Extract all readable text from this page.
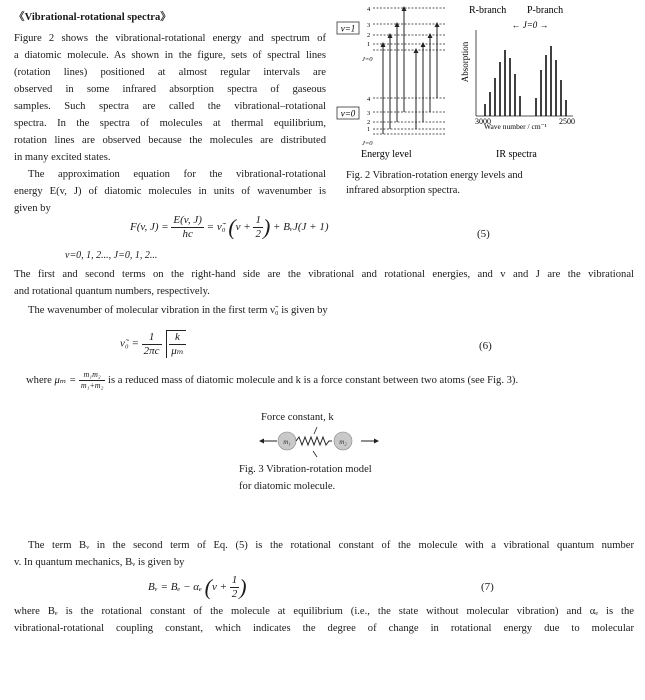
《Vibrational-rotational spectra》
Figure 2 shows the vibrational-rotational energy and spectrum of
a diatomic molecule. As shown in the figure, sets of spectral lines
(rotation lines) positioned at almost regular intervals are
observed in some infrared absorption spectra of gaseous
samples. Such spectra are called the vibrational–rotational
spectra. In the spectra of molecules at thermal equilibrium,
rotation lines are observed because the molecules are distributed
in many excited states.
The approximation equation for the vibrational-rotational
energy E(v, J) of diatomic molecules in units of wavenumber is
given by
v=1
v=0
4
3
2
1
J=0
4
3
2
1
J=0
Energy level
R-branch P-branch
← J=0 →
Absorption
3000	2500
Wave number / cm⁻¹
IR spectra
Fig. 2 Vibration-rotation energy levels and
infrared absorption spectra.
F(v, $J) = \frac{E(v, J)}{hc}$ = ν̃₀ ($v + \frac{1}{2}$ ) + BᵥJ(J + 1)
(5)
v=0, 1, 2..., J=0, 1, 2...
The first and second terms on the right-hand side are the vibrational and rotational energies, and v and J are the vibrational
and rotational quantum numbers, respectively.
The wavenumber of molecular vibration in the first term ν̃₀ is given by
ν̃₀ = $\frac{1}{2\pi c}$
$\frac{k}{\text{μₘ}}$	(6)
where $\mu_m = \frac{\text{m₁m₂}}{\text{m₁+m₂}}$ is a reduced mass of diatomic molecule and k is a force constant between two atoms (see Fig. 3).
Force constant, k
m₁	m₂
Fig. 3 Vibration-rotation model
for diatomic molecule.
The term Bᵥ in the second term of Eq. (5) is the rotational constant of the molecule with a vibrational quantum number
v. In quantum mechanics, Bᵥ is given by
Bᵥ = Bₑ − αₑ ($v + \frac{1}{2}$ )	(7)
where Bₑ is the rotational constant of the molecule at equilibrium (i.e., the state without molecular vibration) and αₑ is the
vibrational-rotational coupling constant, which indicates the degree of change in rotational energy due to molecular
